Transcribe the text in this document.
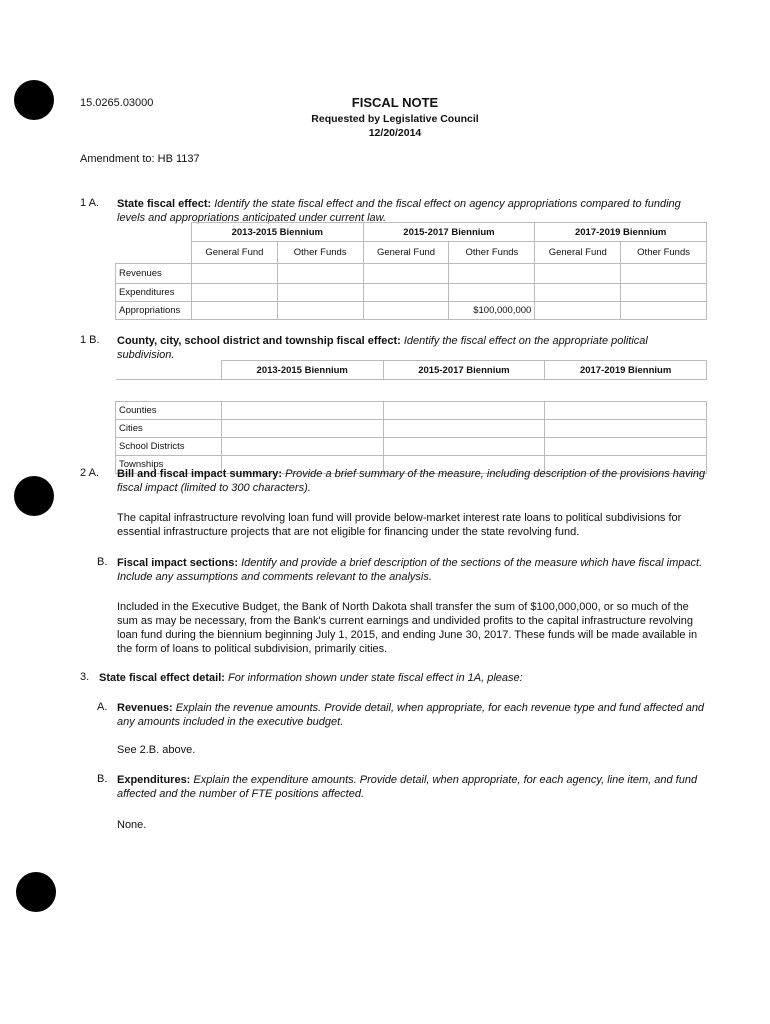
15.0265.03000	FISCAL NOTE
Requested by Legislative Council
12/20/2014
Amendment to: HB 1137
1 A. State fiscal effect: Identify the state fiscal effect and the fiscal effect on agency appropriations compared to funding levels and appropriations anticipated under current law.
	2013-2015 Biennium		2015-2017 Biennium		2017-2019 Biennium	
	General Fund	Other Funds	General Fund	Other Funds	General Fund	Other Funds
Revenues						
Expenditures						
Appropriations				$100,000,000		
1 B. County, city, school district and township fiscal effect: Identify the fiscal effect on the appropriate political subdivision.
	2013-2015 Biennium	2015-2017 Biennium	2017-2019 Biennium

Counties			
Cities			
School Districts			
Townships			
2 A. Bill and fiscal impact summary: Provide a brief summary of the measure, including description of the provisions having fiscal impact (limited to 300 characters).
The capital infrastructure revolving loan fund will provide below-market interest rate loans to political subdivisions for essential infrastructure projects that are not eligible for financing under the state revolving fund.
B. Fiscal impact sections: Identify and provide a brief description of the sections of the measure which have fiscal impact. Include any assumptions and comments relevant to the analysis.
Included in the Executive Budget, the Bank of North Dakota shall transfer the sum of $100,000,000, or so much of the sum as may be necessary, from the Bank's current earnings and undivided profits to the capital infrastructure revolving loan fund during the biennium beginning July 1, 2015, and ending June 30, 2017. These funds will be made available in the form of loans to political subdivision, primarily cities.
3. State fiscal effect detail: For information shown under state fiscal effect in 1A, please:
A. Revenues: Explain the revenue amounts. Provide detail, when appropriate, for each revenue type and fund affected and any amounts included in the executive budget.
See 2.B. above.
B. Expenditures: Explain the expenditure amounts. Provide detail, when appropriate, for each agency, line item, and fund affected and the number of FTE positions affected.
None.
